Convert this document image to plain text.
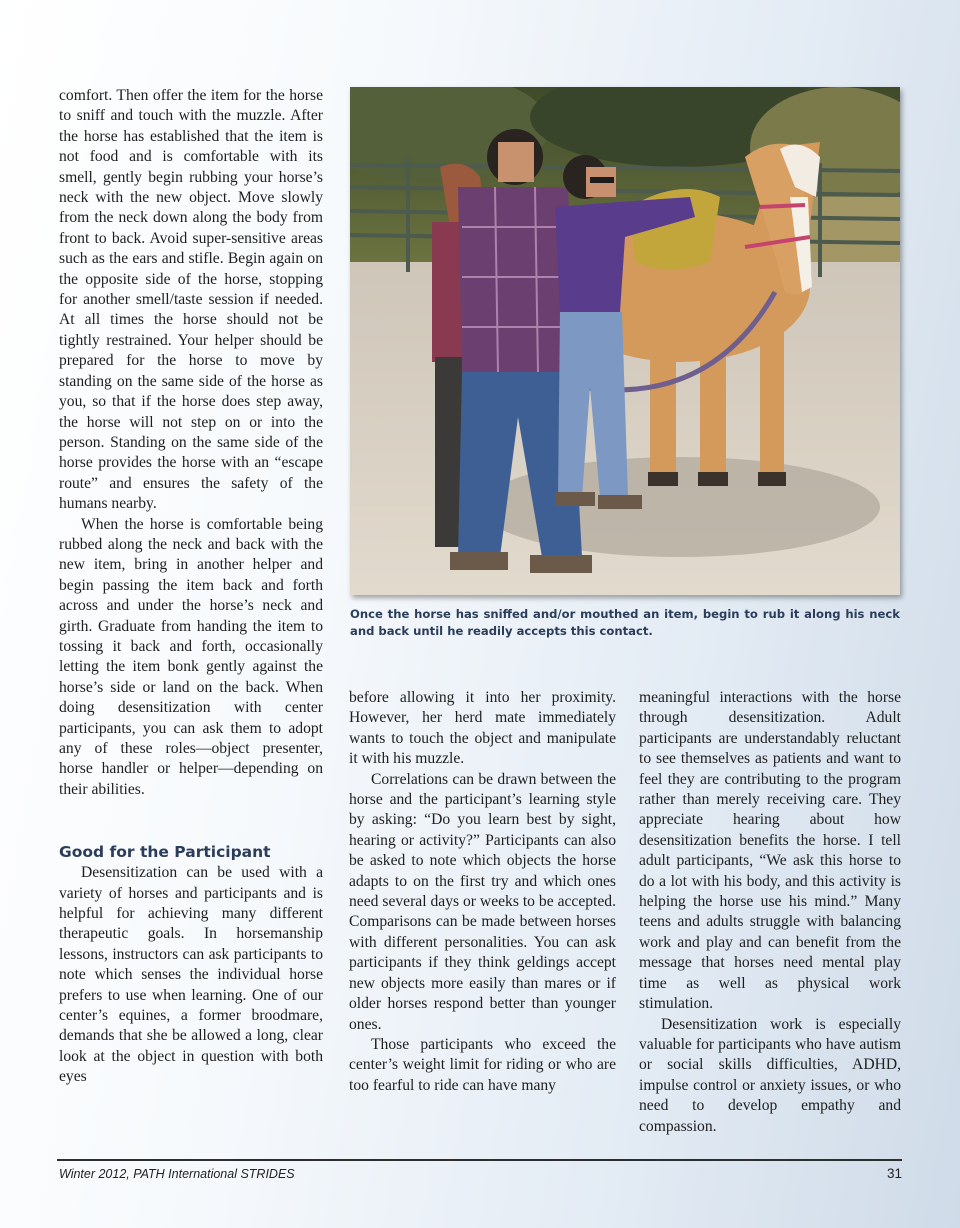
comfort. Then offer the item for the horse to sniff and touch with the muzzle. After the horse has established that the item is not food and is comfortable with its smell, gently begin rubbing your horse’s neck with the new object. Move slowly from the neck down along the body from front to back. Avoid super-sensitive areas such as the ears and stifle. Begin again on the opposite side of the horse, stopping for another smell/taste session if needed. At all times the horse should not be tightly restrained. Your helper should be prepared for the horse to move by standing on the same side of the horse as you, so that if the horse does step away, the horse will not step on or into the person. Standing on the same side of the horse provides the horse with an “escape route” and ensures the safety of the humans nearby.

When the horse is comfortable being rubbed along the neck and back with the new item, bring in another helper and begin passing the item back and forth across and under the horse’s neck and girth. Graduate from handing the item to tossing it back and forth, occasionally letting the item bonk gently against the horse’s side or land on the back. When doing desensitization with center participants, you can ask them to adopt any of these roles—object presenter, horse handler or helper—depending on their abilities.

Good for the Participant

Desensitization can be used with a variety of horses and participants and is helpful for achieving many different therapeutic goals. In horsemanship lessons, instructors can ask participants to note which senses the individual horse prefers to use when learning. One of our center’s equines, a former broodmare, demands that she be allowed a long, clear look at the object in question with both eyes

Once the horse has sniffed and/or mouthed an item, begin to rub it along his neck and back until he readily accepts this contact.

before allowing it into her proximity. However, her herd mate immediately wants to touch the object and manipulate it with his muzzle.

Correlations can be drawn between the horse and the participant’s learning style by asking: “Do you learn best by sight, hearing or activity?” Participants can also be asked to note which objects the horse adapts to on the first try and which ones need several days or weeks to be accepted. Comparisons can be made between horses with different personalities. You can ask participants if they think geldings accept new objects more easily than mares or if older horses respond better than younger ones.

Those participants who exceed the center’s weight limit for riding or who are too fearful to ride can have many

meaningful interactions with the horse through desensitization. Adult participants are understandably reluctant to see themselves as patients and want to feel they are contributing to the program rather than merely receiving care. They appreciate hearing about how desensitization benefits the horse. I tell adult participants, “We ask this horse to do a lot with his body, and this activity is helping the horse use his mind.” Many teens and adults struggle with balancing work and play and can benefit from the message that horses need mental play time as well as physical work stimulation.

Desensitization work is especially valuable for participants who have autism or social skills difficulties, ADHD, impulse control or anxiety issues, or who need to develop empathy and compassion.

Winter 2012, PATH International STRIDES	31
